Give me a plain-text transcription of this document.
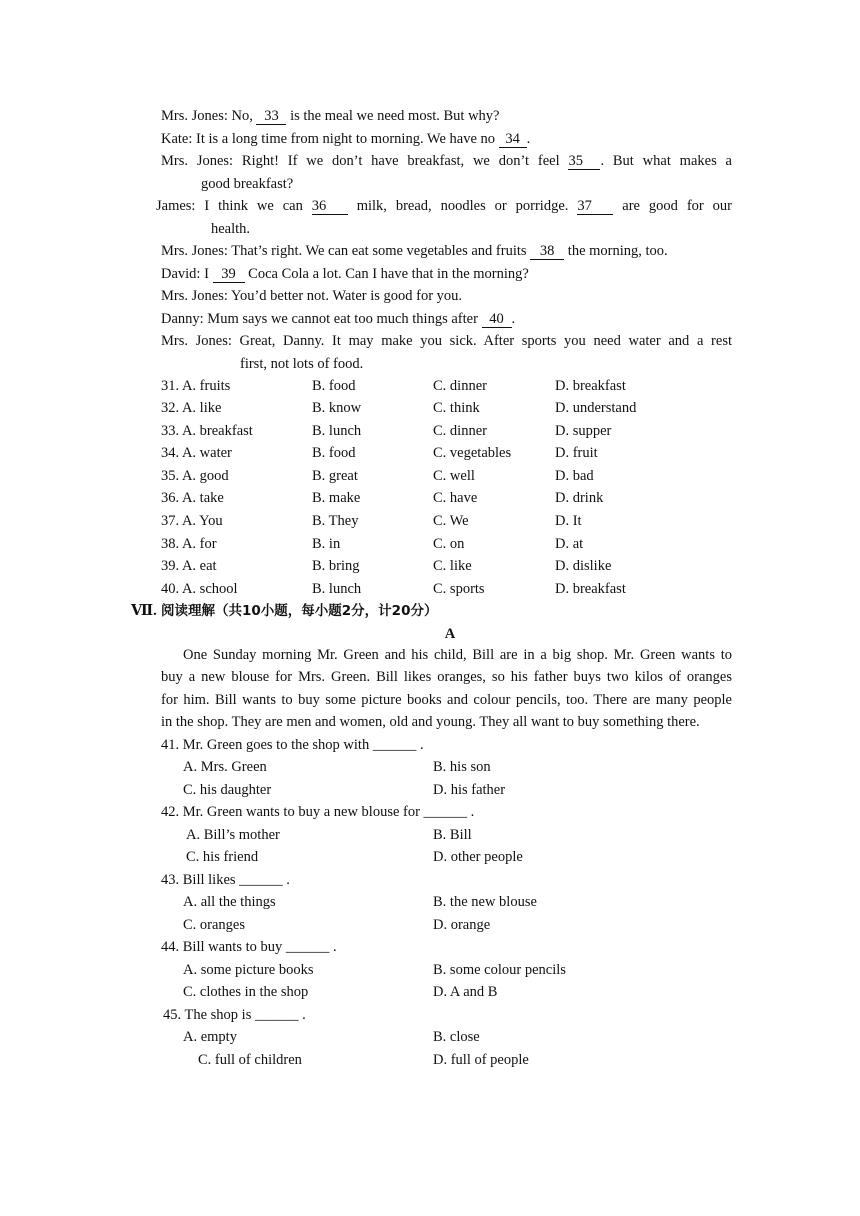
Mrs. Jones: No, 33 is the meal we need most. But why?
Kate: It is a long time from night to morning. We have no 34 .
Mrs. Jones: Right! If we don’t have breakfast, we don’t feel 35 . But what makes a
good breakfast?
James: I think we can 36 milk, bread, noodles or porridge. 37 are good for our
health.
Mrs. Jones: That’s right. We can eat some vegetables and fruits 38 the morning, too.
David: I 39 Coca Cola a lot. Can I have that in the morning?
Mrs. Jones: You’d better not. Water is good for you.
Danny: Mum says we cannot eat too much things after 40 .
Mrs. Jones: Great, Danny. It may make you sick. After sports you need water and a rest
first, not lots of food.
31. A. fruits	B. food	C. dinner	D. breakfast
32. A. like	B. know	C. think	D. understand
33. A. breakfast	B. lunch	C. dinner	D. supper
34. A. water	B. food	C. vegetables	D. fruit
35. A. good	B. great	C. well	D. bad
36. A. take	B. make	C. have	D. drink
37. A. You	B. They	C. We	D. It
38. A. for	B. in	C. on	D. at
39. A. eat	B. bring	C. like	D. dislike
40. A. school	B. lunch	C. sports	D. breakfast
Ⅶ. 阅读理解（共10小题，每小题2分，计20分）
A
One Sunday morning Mr. Green and his child, Bill are in a big shop. Mr. Green wants to
buy a new blouse for Mrs. Green. Bill likes oranges, so his father buys two kilos of oranges
for him. Bill wants to buy some picture books and colour pencils, too. There are many people
in the shop. They are men and women, old and young. They all want to buy something there.
41. Mr. Green goes to the shop with ______ .
A. Mrs. Green	B. his son
C. his daughter	D. his father
42. Mr. Green wants to buy a new blouse for ______ .
A. Bill’s mother	B. Bill
C. his friend	D. other people
43. Bill likes ______ .
A. all the things	B. the new blouse
C. oranges	D. orange
44. Bill wants to buy ______ .
A. some picture books	B. some colour pencils
C. clothes in the shop	D. A and B
45. The shop is ______ .
A. empty	B. close
C. full of children	D. full of people
